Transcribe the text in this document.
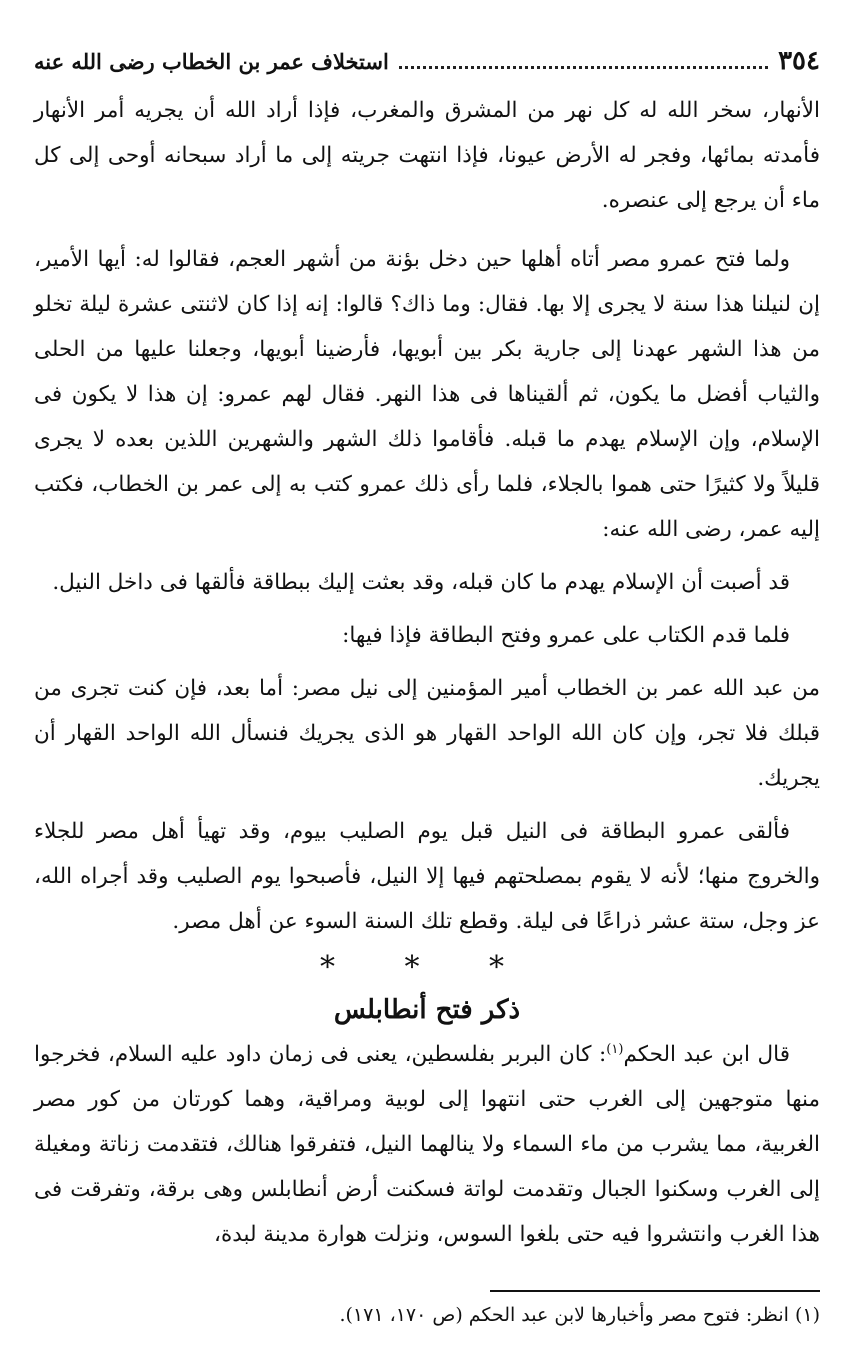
٣٥٤
استخلاف عمر بن الخطاب رضى الله عنه

الأنهار، سخر الله له كل نهر من المشرق والمغرب، فإذا أراد الله أن يجريه أمر الأنهار فأمدته بمائها، وفجر له الأرض عيونا، فإذا انتهت جريته إلى ما أراد سبحانه أوحى إلى كل ماء أن يرجع إلى عنصره.

ولما فتح عمرو مصر أتاه أهلها حين دخل بؤنة من أشهر العجم، فقالوا له: أيها الأمير، إن لنيلنا هذا سنة لا يجرى إلا بها. فقال: وما ذاك؟ قالوا: إنه إذا كان لاثنتى عشرة ليلة تخلو من هذا الشهر عهدنا إلى جارية بكر بين أبويها، فأرضينا أبويها، وجعلنا عليها من الحلى والثياب أفضل ما يكون، ثم ألقيناها فى هذا النهر. فقال لهم عمرو: إن هذا لا يكون فى الإسلام، وإن الإسلام يهدم ما قبله. فأقاموا ذلك الشهر والشهرين اللذين بعده لا يجرى قليلاً ولا كثيرًا حتى هموا بالجلاء، فلما رأى ذلك عمرو كتب به إلى عمر بن الخطاب، فكتب إليه عمر، رضى الله عنه:

قد أصبت أن الإسلام يهدم ما كان قبله، وقد بعثت إليك ببطاقة فألقها فى داخل النيل.

فلما قدم الكتاب على عمرو وفتح البطاقة فإذا فيها:

من عبد الله عمر بن الخطاب أمير المؤمنين إلى نيل مصر: أما بعد، فإن كنت تجرى من قبلك فلا تجر، وإن كان الله الواحد القهار هو الذى يجريك فنسأل الله الواحد القهار أن يجريك.

فألقى عمرو البطاقة فى النيل قبل يوم الصليب بيوم، وقد تهيأ أهل مصر للجلاء والخروج منها؛ لأنه لا يقوم بمصلحتهم فيها إلا النيل، فأصبحوا يوم الصليب وقد أجراه الله، عز وجل، ستة عشر ذراعًا فى ليلة. وقطع تلك السنة السوء عن أهل مصر.

* * *
ذكر فتح أنطابلس

قال ابن عبد الحكم$^{(١)}$: كان البربر بفلسطين، يعنى فى زمان داود عليه السلام، فخرجوا منها متوجهين إلى الغرب حتى انتهوا إلى لوبية ومراقية، وهما كورتان من كور مصر الغربية، مما يشرب من ماء السماء ولا ينالهما النيل، فتفرقوا هنالك، فتقدمت زناتة ومغيلة إلى الغرب وسكنوا الجبال وتقدمت لواتة فسكنت أرض أنطابلس وهى برقة، وتفرقت فى هذا الغرب وانتشروا فيه حتى بلغوا السوس، ونزلت هوارة مدينة لبدة،

(١) انظر: فتوح مصر وأخبارها لابن عبد الحكم (ص ١٧٠، ١٧١).
